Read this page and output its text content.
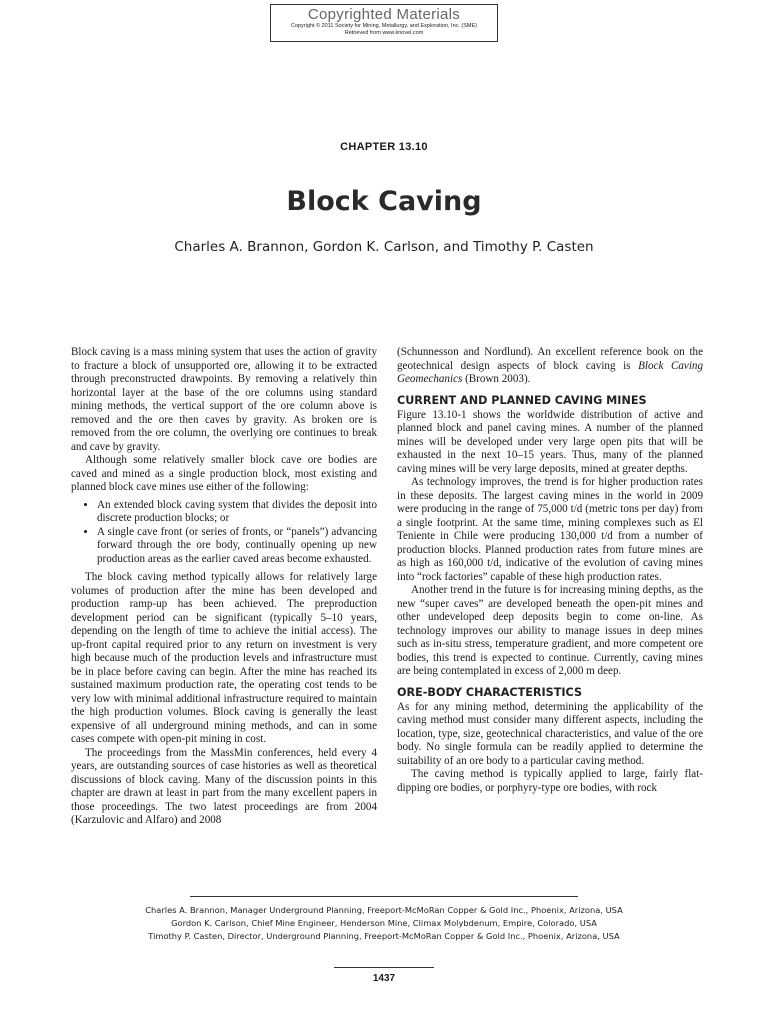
Copyrighted Materials
Copyright © 2011 Society for Mining, Metallurgy, and Exploration, Inc. (SME)
Retrieved from www.knovel.com
CHAPTER 13.10
Block Caving
Charles A. Brannon, Gordon K. Carlson, and Timothy P. Casten

Block caving is a mass mining system that uses the action of gravity to fracture a block of unsupported ore, allowing it to be extracted through preconstructed drawpoints. By removing a relatively thin horizontal layer at the base of the ore columns using standard mining methods, the vertical support of the ore column above is removed and the ore then caves by gravity. As broken ore is removed from the ore column, the overlying ore continues to break and cave by gravity.

Although some relatively smaller block cave ore bodies are caved and mined as a single production block, most existing and planned block cave mines use either of the following:

• An extended block caving system that divides the deposit into discrete production blocks; or
• A single cave front (or series of fronts, or “panels”) advancing forward through the ore body, continually opening up new production areas as the earlier caved areas become exhausted.

The block caving method typically allows for relatively large volumes of production after the mine has been developed and production ramp-up has been achieved. The preproduction development period can be significant (typically 5–10 years, depending on the length of time to achieve the initial access). The up-front capital required prior to any return on investment is very high because much of the production levels and infrastructure must be in place before caving can begin. After the mine has reached its sustained maximum production rate, the operating cost tends to be very low with minimal additional infrastructure required to maintain the high production volumes. Block caving is generally the least expensive of all underground mining methods, and can in some cases compete with open-pit mining in cost.

The proceedings from the MassMin conferences, held every 4 years, are outstanding sources of case histories as well as theoretical discussions of block caving. Many of the discussion points in this chapter are drawn at least in part from the many excellent papers in those proceedings. The two latest proceedings are from 2004 (Karzulovic and Alfaro) and 2008

(Schunnesson and Nordlund). An excellent reference book on the geotechnical design aspects of block caving is Block Caving Geomechanics (Brown 2003).

CURRENT AND PLANNED CAVING MINES

Figure 13.10-1 shows the worldwide distribution of active and planned block and panel caving mines. A number of the planned mines will be developed under very large open pits that will be exhausted in the next 10–15 years. Thus, many of the planned caving mines will be very large deposits, mined at greater depths.

As technology improves, the trend is for higher production rates in these deposits. The largest caving mines in the world in 2009 were producing in the range of 75,000 t/d (metric tons per day) from a single footprint. At the same time, mining complexes such as El Teniente in Chile were producing 130,000 t/d from a number of production blocks. Planned production rates from future mines are as high as 160,000 t/d, indicative of the evolution of caving mines into “rock factories” capable of these high production rates.

Another trend in the future is for increasing mining depths, as the new “super caves” are developed beneath the open-pit mines and other undeveloped deep deposits begin to come on-line. As technology improves our ability to manage issues in deep mines such as in-situ stress, temperature gradient, and more competent ore bodies, this trend is expected to continue. Currently, caving mines are being contemplated in excess of 2,000 m deep.

ORE-BODY CHARACTERISTICS

As for any mining method, determining the applicability of the caving method must consider many different aspects, including the location, type, size, geotechnical characteristics, and value of the ore body. No single formula can be readily applied to determine the suitability of an ore body to a particular caving method.

The caving method is typically applied to large, fairly flat-dipping ore bodies, or porphyry-type ore bodies, with rock

Charles A. Brannon, Manager Underground Planning, Freeport-McMoRan Copper & Gold Inc., Phoenix, Arizona, USA
Gordon K. Carlson, Chief Mine Engineer, Henderson Mine, Climax Molybdenum, Empire, Colorado, USA
Timothy P. Casten, Director, Underground Planning, Freeport-McMoRan Copper & Gold Inc., Phoenix, Arizona, USA
1437
